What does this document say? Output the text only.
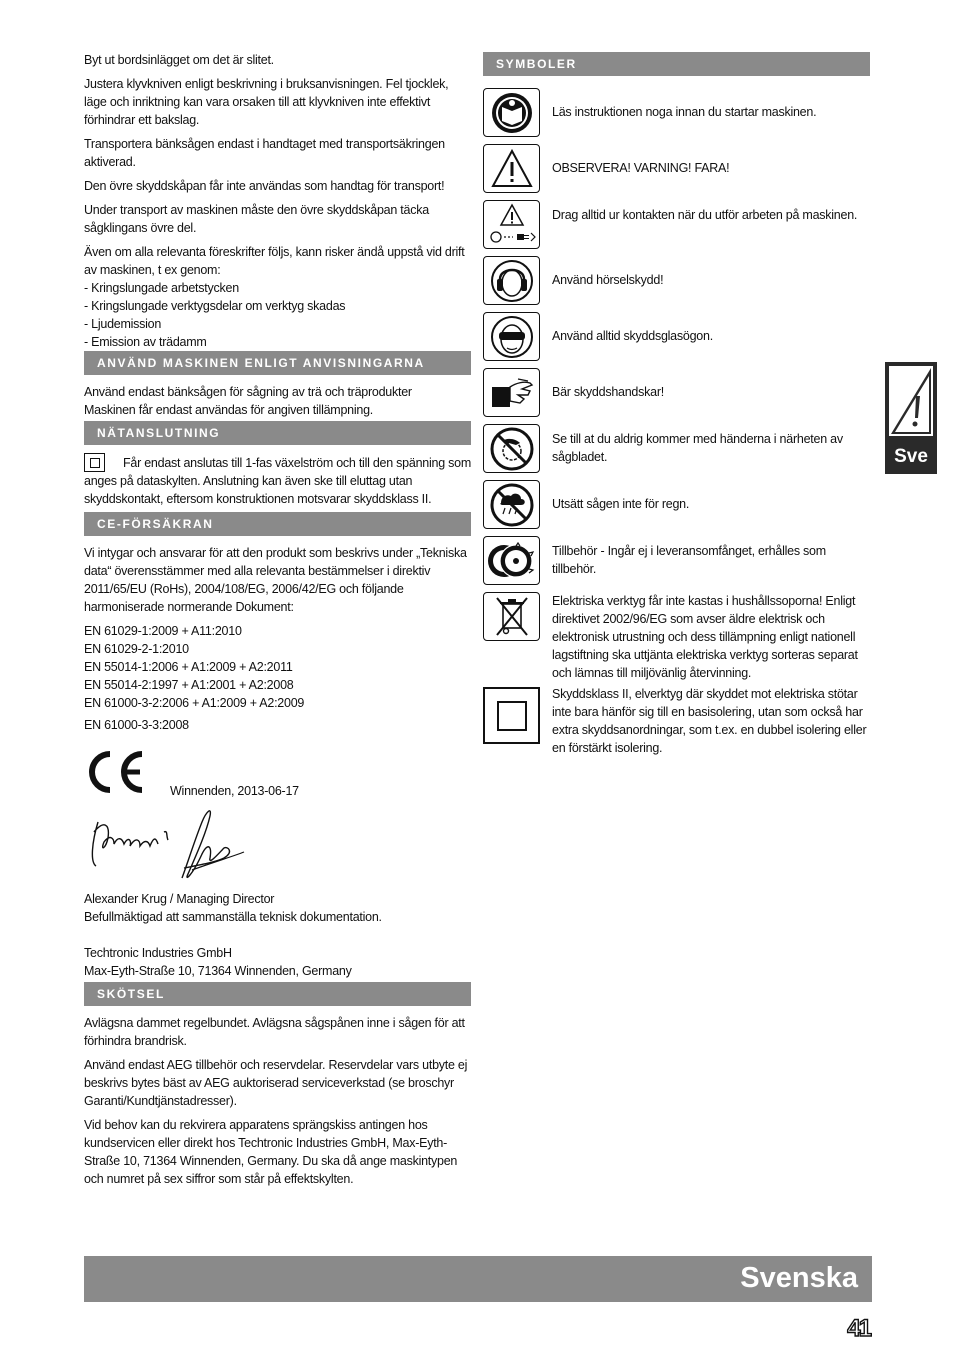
Byt ut bordsinlägget om det är slitet.

Justera klyvkniven enligt beskrivning i bruksanvisningen. Fel tjocklek, läge och inriktning kan vara orsaken till att klyvkniven inte effektivt förhindrar ett bakslag.

Transportera bänksågen endast i handtaget med transportsäkringen aktiverad.

Den övre skyddskåpan får inte användas som handtag för transport!

Under transport av maskinen måste den övre skyddskåpan täcka sågklingans övre del.

Även om alla relevanta föreskrifter följs, kann risker ändå uppstå vid drift av maskinen, t ex genom:
- Kringslungade arbetstycken
- Kringslungade verktygsdelar om verktyg skadas
- Ljudemission
- Emission av trädamm
ANVÄND MASKINEN ENLIGT ANVISNINGARNA
Använd endast bänksågen för sågning av trä och träprodukter
Maskinen får endast användas för angiven tillämpning.
NÄTANSLUTNING

Får endast anslutas till 1-fas växelström och till den spänning som anges på dataskylten. Anslutning kan även ske till eluttag utan skyddskontakt, eftersom konstruktionen motsvarar skyddsklass II.

CE-FÖRSÄKRAN

Vi intygar och ansvarar för att den produkt som beskrivs under „Tekniska data“ överensstämmer med alla relevanta bestämmelser i direktiv 2011/65/EU (RoHs), 2004/108/EG, 2006/42/EG och följande harmoniserade normerande Dokument:

EN 61029-1:2009 + A11:2010
EN 61029-2-1:2010
EN 55014-1:2006 + A1:2009 + A2:2011
EN 55014-2:1997 + A1:2001 + A2:2008
EN 61000-3-2:2006 + A1:2009 + A2:2009
EN 61000-3-3:2008
Winnenden, 2013-06-17
Alexander Krug / Managing Director
Befullmäktigad att sammanställa teknisk dokumentation.
Techtronic Industries GmbH
Max-Eyth-Straße 10, 71364 Winnenden, Germany
SKÖTSEL

Avlägsna dammet regelbundet. Avlägsna sågspånen inne i sågen för att förhindra brandrisk.

Använd endast AEG tillbehör och reservdelar. Reservdelar vars utbyte ej beskrivs bytes bäst av AEG auktoriserad serviceverkstad (se broschyr Garanti/Kundtjänstadresser).

Vid behov kan du rekvirera apparatens sprängskiss antingen hos kundservicen eller direkt hos Techtronic Industries GmbH, Max-Eyth-Straße 10, 71364 Winnenden, Germany. Du ska då ange maskintypen och numret på sex siffror som står på effektskylten.

SYMBOLER
Läs instruktionen noga innan du startar maskinen.
OBSERVERA! VARNING! FARA!
Drag alltid ur kontakten när du utför arbeten på maskinen.
Använd hörselskydd!
Använd alltid skyddsglasögon.
Bär skyddshandskar!
Se till at du aldrig kommer med händerna i närheten av sågbladet.
Utsätt sågen inte för regn.
Tillbehör - Ingår ej i leveransomfånget, erhålles som tillbehör.
Elektriska verktyg får inte kastas i hushållssoporna! Enligt direktivet 2002/96/EG som avser äldre elektrisk och elektronisk utrustning och dess tillämpning enligt nationell lagstiftning ska uttjänta elektriska verktyg sorteras separat och lämnas till miljövänlig återvinning.
Skyddsklass II, elverktyg där skyddet mot elektriska stötar inte bara hänför sig till en basisolering, utan som också har extra skyddsanordningar, som t.ex. en dubbel isolering eller en förstärkt isolering.
Sve
Svenska
41
